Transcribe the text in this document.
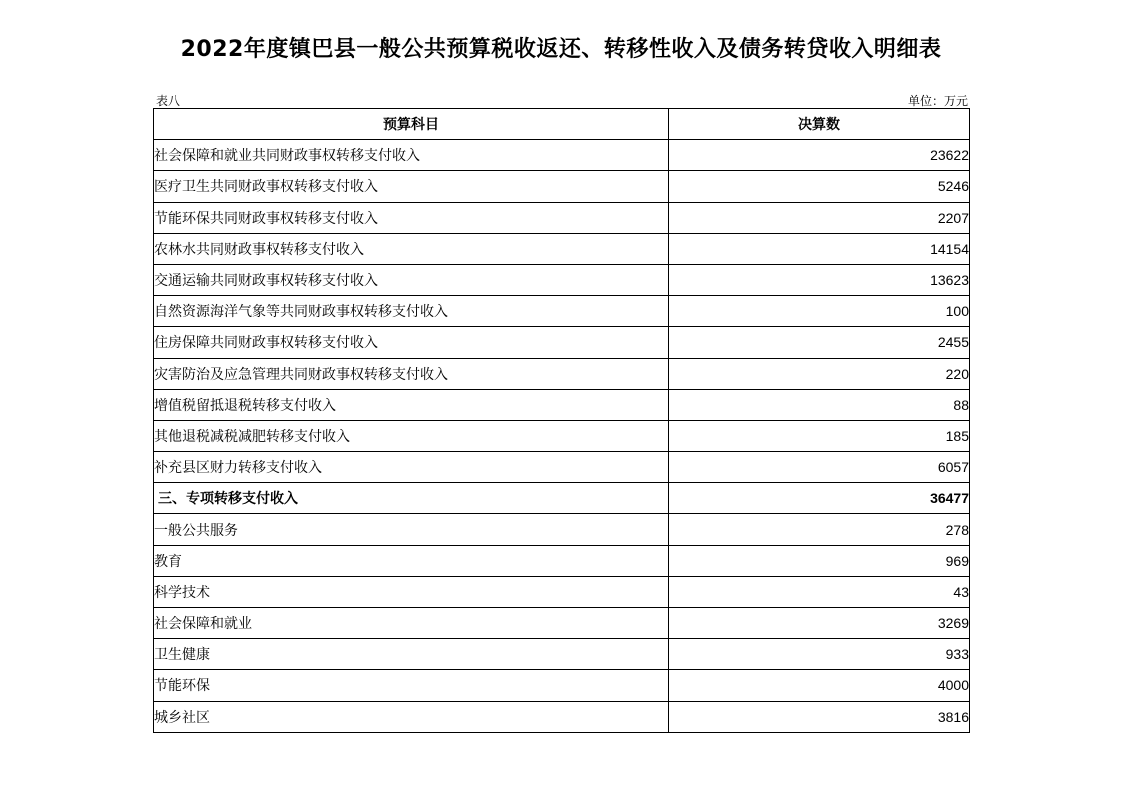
2022年度镇巴县一般公共预算税收返还、转移性收入及债务转贷收入明细表
表八	单位：万元
预算科目	决算数
社会保障和就业共同财政事权转移支付收入	23622
医疗卫生共同财政事权转移支付收入	5246
节能环保共同财政事权转移支付收入	2207
农林水共同财政事权转移支付收入	14154
交通运输共同财政事权转移支付收入	13623
自然资源海洋气象等共同财政事权转移支付收入	100
住房保障共同财政事权转移支付收入	2455
灾害防治及应急管理共同财政事权转移支付收入	220
增值税留抵退税转移支付收入	88
其他退税减税减肥转移支付收入	185
补充县区财力转移支付收入	6057
三、专项转移支付收入	36477
一般公共服务	278
教育	969
科学技术	43
社会保障和就业	3269
卫生健康	933
节能环保	4000
城乡社区	3816
